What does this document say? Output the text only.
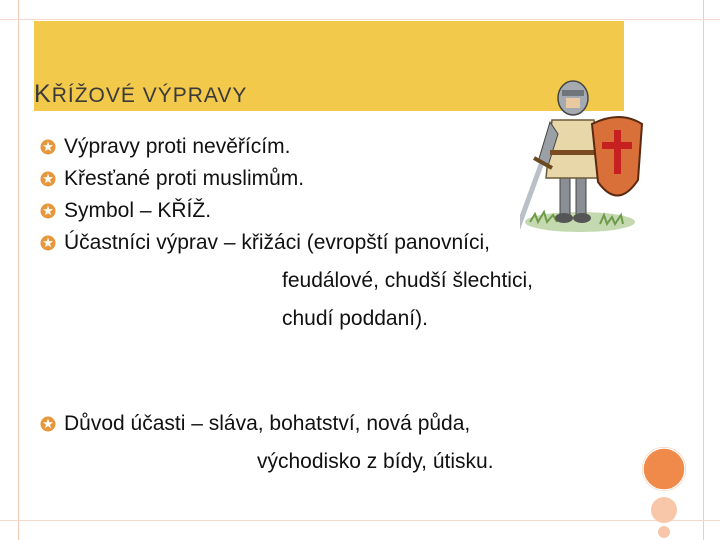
KŘÍŽOVÉ VÝPRAVY
Výpravy proti nevěřícím.
Křesťané proti muslimům.
Symbol – KŘÍŽ.
Účastníci výprav – křižáci (evropští panovníci,
feudálové, chudší šlechtici,
chudí poddaní).
Důvod účasti – sláva, bohatství, nová půda,
východisko z bídy, útisku.
